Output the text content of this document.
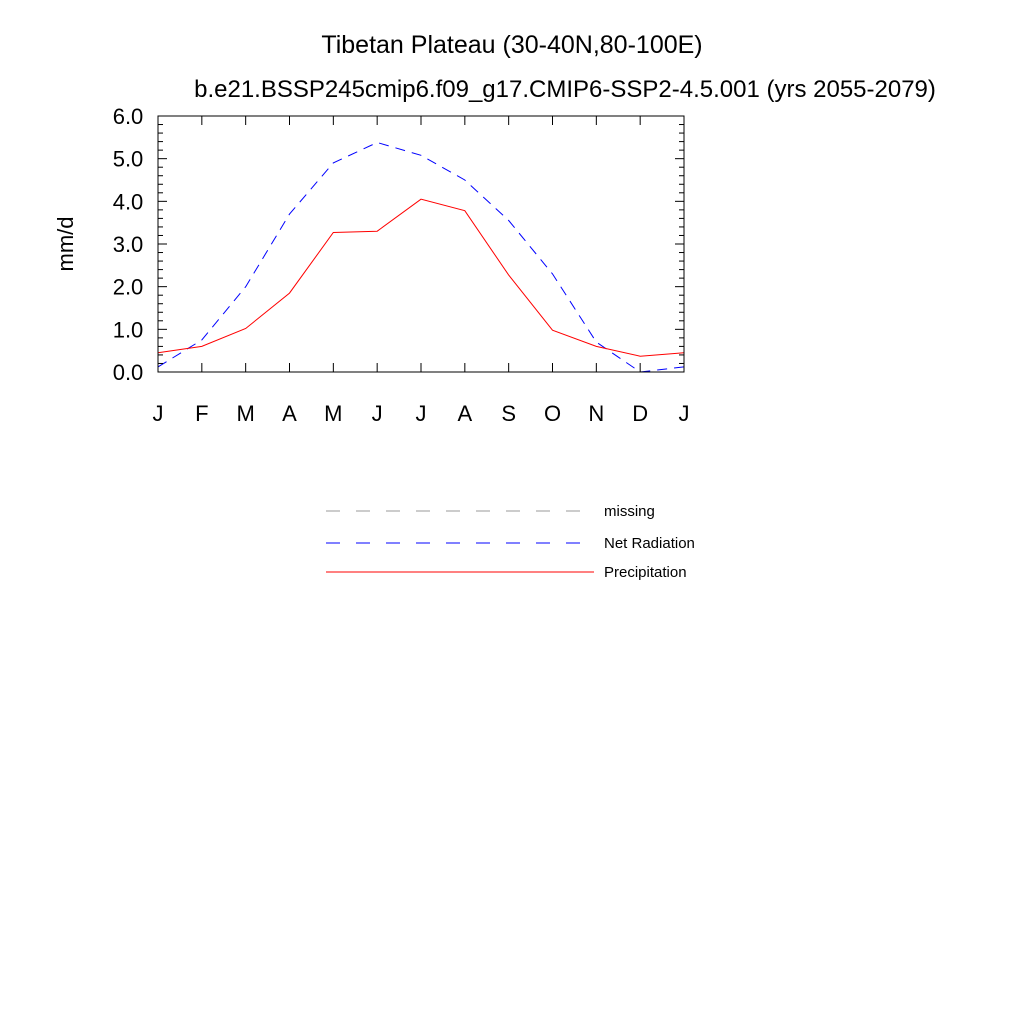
Tibetan Plateau (30-40N,80-100E)
b.e21.BSSP245cmip6.f09_g17.CMIP6-SSP2-4.5.001 (yrs 2055-2079)
mm/d
0.0
1.0
2.0
3.0
4.0
5.0
6.0
J F M A M J J A S O N D J
missing
Net Radiation
Precipitation
